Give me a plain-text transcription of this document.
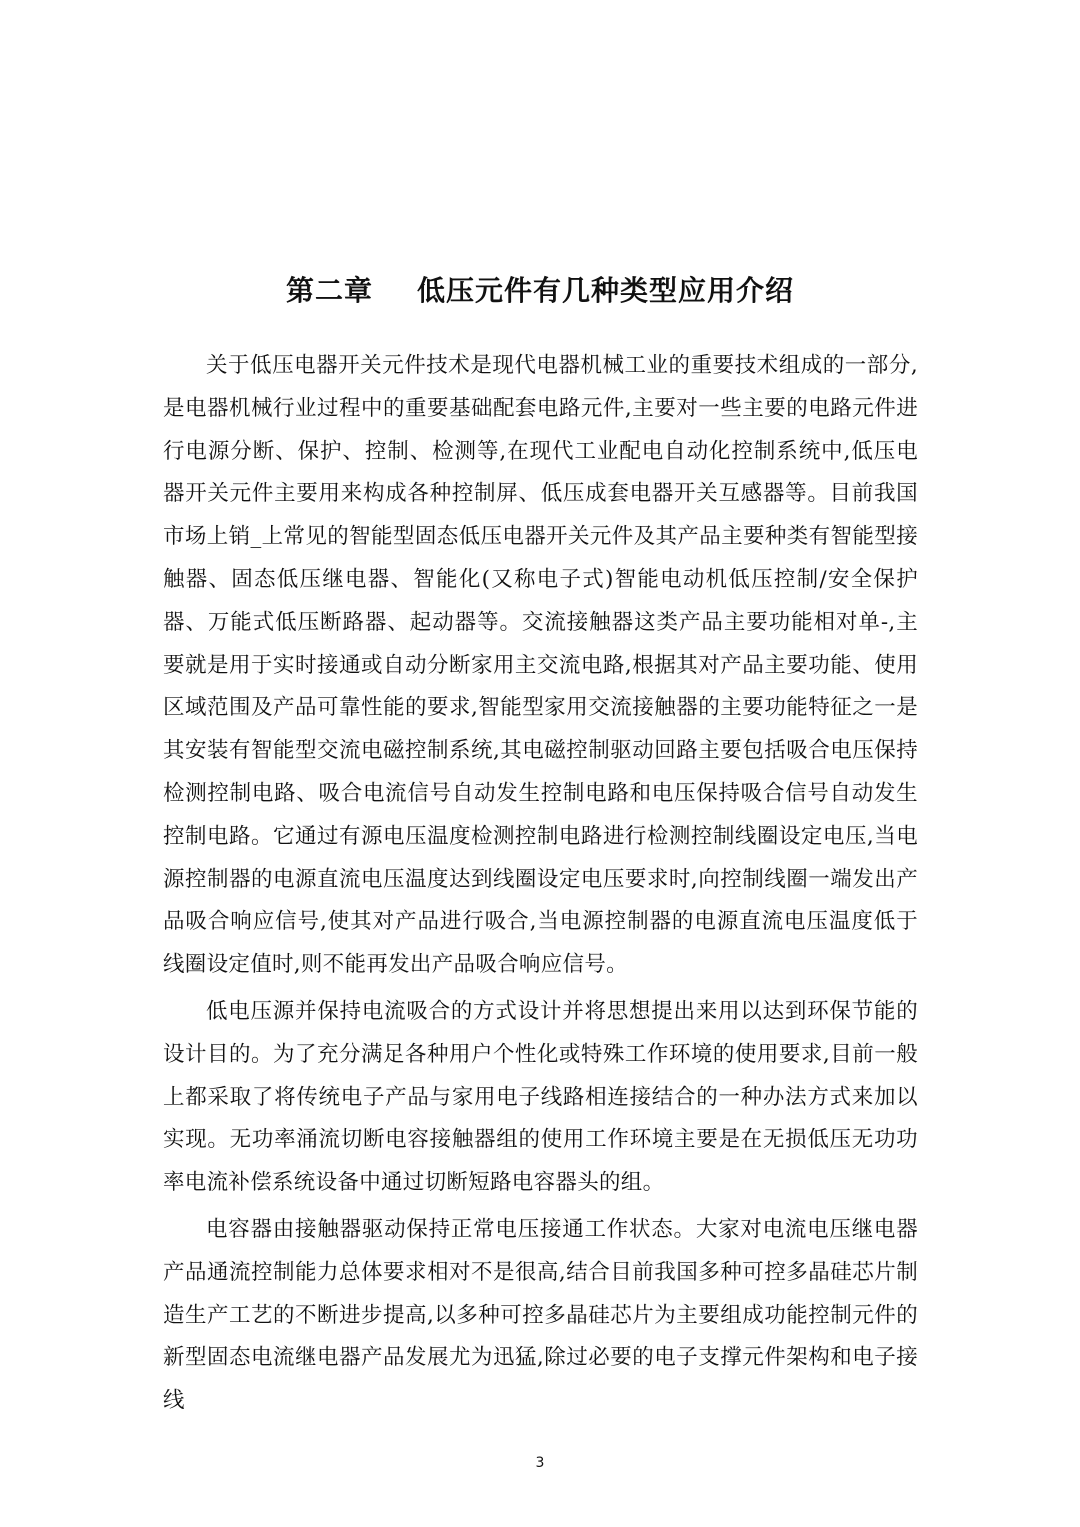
第二章 低压元件有几种类型应用介绍

关于低压电器开关元件技术是现代电器机械工业的重要技术组成的一部分,是电器机械行业过程中的重要基础配套电路元件,主要对一些主要的电路元件进行电源分断、保护、控制、检测等,在现代工业配电自动化控制系统中,低压电器开关元件主要用来构成各种控制屏、低压成套电器开关互感器等。目前我国市场上销_上常见的智能型固态低压电器开关元件及其产品主要种类有智能型接触器、固态低压继电器、智能化(又称电子式)智能电动机低压控制/安全保护器、万能式低压断路器、起动器等。交流接触器这类产品主要功能相对单-,主要就是用于实时接通或自动分断家用主交流电路,根据其对产品主要功能、使用区域范围及产品可靠性能的要求,智能型家用交流接触器的主要功能特征之一是其安装有智能型交流电磁控制系统,其电磁控制驱动回路主要包括吸合电压保持检测控制电路、吸合电流信号自动发生控制电路和电压保持吸合信号自动发生控制电路。它通过有源电压温度检测控制电路进行检测控制线圈设定电压,当电源控制器的电源直流电压温度达到线圈设定电压要求时,向控制线圈一端发出产品吸合响应信号,使其对产品进行吸合,当电源控制器的电源直流电压温度低于线圈设定值时,则不能再发出产品吸合响应信号。

低电压源并保持电流吸合的方式设计并将思想提出来用以达到环保节能的设计目的。为了充分满足各种用户个性化或特殊工作环境的使用要求,目前一般上都采取了将传统电子产品与家用电子线路相连接结合的一种办法方式来加以实现。无功率涌流切断电容接触器组的使用工作环境主要是在无损低压无功功率电流补偿系统设备中通过切断短路电容器头的组。

电容器由接触器驱动保持正常电压接通工作状态。大家对电流电压继电器产品通流控制能力总体要求相对不是很高,结合目前我国多种可控多晶硅芯片制造生产工艺的不断进步提高,以多种可控多晶硅芯片为主要组成功能控制元件的新型固态电流继电器产品发展尤为迅猛,除过必要的电子支撑元件架构和电子接线

3
